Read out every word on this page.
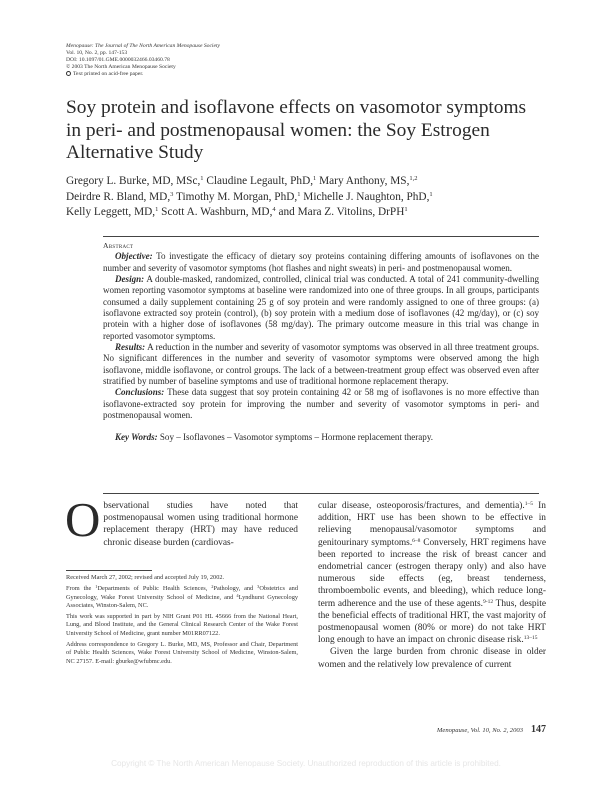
Menopause: The Journal of The North American Menopause Society
Vol. 10, No. 2, pp. 147-153
DOI: 10.1097/01.GME.0000032466.03460.78
© 2003 The North American Menopause Society
Text printed on acid-free paper.
Soy protein and isoflavone effects on vasomotor symptoms in peri- and postmenopausal women: the Soy Estrogen Alternative Study
Gregory L. Burke, MD, MSc,$^1$ Claudine Legault, PhD,$^1$ Mary Anthony, MS,$^{1,2}$
Deirdre R. Bland, MD,$^3$ Timothy M. Morgan, PhD,$^1$ Michelle J. Naughton, PhD,$^1$
Kelly Leggett, MD,$^1$ Scott A. Washburn, MD,$^4$ and Mara Z. Vitolins, DrPH$^1$

Abstract

Objective: To investigate the efficacy of dietary soy proteins containing differing amounts of isoflavones on the number and severity of vasomotor symptoms (hot flashes and night sweats) in peri- and postmenopausal women.

Design: A double-masked, randomized, controlled, clinical trial was conducted. A total of 241 community-dwelling women reporting vasomotor symptoms at baseline were randomized into one of three groups. In all groups, participants consumed a daily supplement containing 25 g of soy protein and were randomly assigned to one of three groups: (a) isoflavone extracted soy protein (control), (b) soy protein with a medium dose of isoflavones (42 mg/day), or (c) soy protein with a higher dose of isoflavones (58 mg/day). The primary outcome measure in this trial was change in reported vasomotor symptoms.

Results: A reduction in the number and severity of vasomotor symptoms was observed in all three treatment groups. No significant differences in the number and severity of vasomotor symptoms were observed among the high isoflavone, middle isoflavone, or control groups. The lack of a between-treatment group effect was observed even after stratified by number of baseline symptoms and use of traditional hormone replacement therapy.

Conclusions: These data suggest that soy protein containing 42 or 58 mg of isoflavones is no more effective than isoflavone-extracted soy protein for improving the number and severity of vasomotor symptoms in peri- and postmenopausal women.

Key Words: Soy – Isoflavones – Vasomotor symptoms – Hormone replacement therapy.

Observational studies have noted that postmenopausal women using traditional hormone replacement therapy (HRT) may have reduced chronic disease burden (cardiovas-

Received March 27, 2002; revised and accepted July 19, 2002.

From the $^1$Departments of Public Health Sciences, $^2$Pathology, and $^3$Obstetrics and Gynecology, Wake Forest University School of Medicine, and $^4$Lyndhurst Gynecology Associates, Winston-Salem, NC.

This work was supported in part by NIH Grant P01 HL 45666 from the National Heart, Lung, and Blood Institute, and the General Clinical Research Center of the Wake Forest University School of Medicine, grant number M01RR07122.

Address correspondence to Gregory L. Burke, MD, MS, Professor and Chair, Department of Public Health Sciences, Wake Forest University School of Medicine, Winston-Salem, NC 27157. E-mail: gburke@wfubmc.edu.

cular disease, osteoporosis/fractures, and dementia).$^{1-5}$ In addition, HRT use has been shown to be effective in relieving menopausal/vasomotor symptoms and genitourinary symptoms.$^{6-8}$ Conversely, HRT regimens have been reported to increase the risk of breast cancer and endometrial cancer (estrogen therapy only) and also have numerous side effects (eg, breast tenderness, thromboembolic events, and bleeding), which reduce long-term adherence and the use of these agents.$^{9-12}$ Thus, despite the beneficial effects of traditional HRT, the vast majority of postmenopausal women (80% or more) do not take HRT long enough to have an impact on chronic disease risk.$^{13-15}$

Given the large burden from chronic disease in older women and the relatively low prevalence of current

Menopause, Vol. 10, No. 2, 2003 147
Copyright © The North American Menopause Society. Unauthorized reproduction of this article is prohibited.
